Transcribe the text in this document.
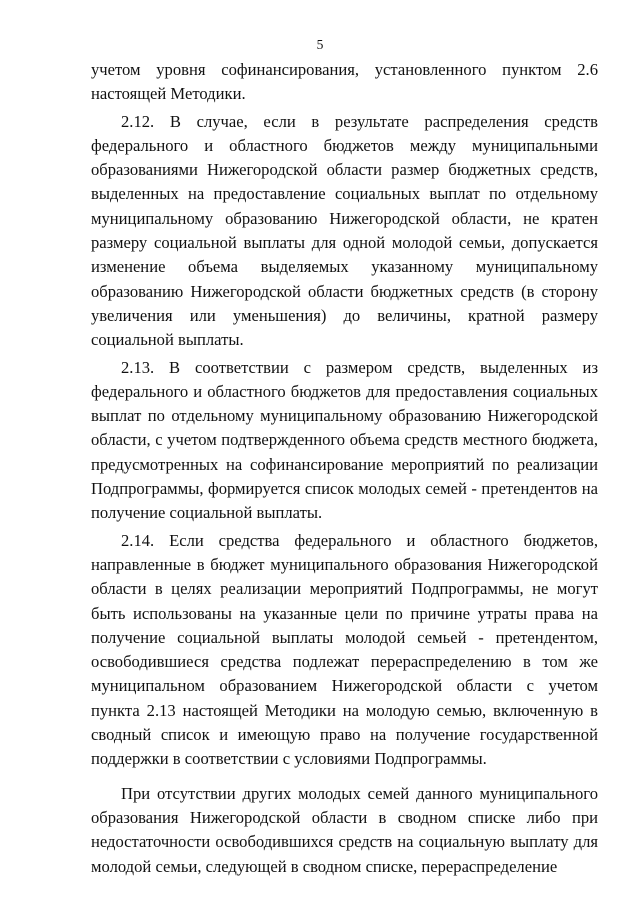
5

учетом уровня софинансирования, установленного пунктом 2.6 настоящей Методики.

2.12. В случае, если в результате распределения средств федерального и областного бюджетов между муниципальными образованиями Нижегородской области размер бюджетных средств, выделенных на предоставление социальных выплат по отдельному муниципальному образованию Нижегородской области, не кратен размеру социальной выплаты для одной молодой семьи, допускается изменение объема выделяемых указанному муниципальному образованию Нижегородской области бюджетных средств (в сторону увеличения или уменьшения) до величины, кратной размеру социальной выплаты.

2.13. В соответствии с размером средств, выделенных из федерального и областного бюджетов для предоставления социальных выплат по отдельному муниципальному образованию Нижегородской области, с учетом подтвержденного объема средств местного бюджета, предусмотренных на софинансирование мероприятий по реализации Подпрограммы, формируется список молодых семей - претендентов на получение социальной выплаты.

2.14. Если средства федерального и областного бюджетов, направленные в бюджет муниципального образования Нижегородской области в целях реализации мероприятий Подпрограммы, не могут быть использованы на указанные цели по причине утраты права на получение социальной выплаты молодой семьей - претендентом, освободившиеся средства подлежат перераспределению в том же муниципальном образованием Нижегородской области с учетом пункта 2.13 настоящей Методики на молодую семью, включенную в сводный список и имеющую право на получение государственной поддержки в соответствии с условиями Подпрограммы.

При отсутствии других молодых семей данного муниципального образования Нижегородской области в сводном списке либо при недостаточности освободившихся средств на социальную выплату для молодой семьи, следующей в сводном списке, перераспределение
